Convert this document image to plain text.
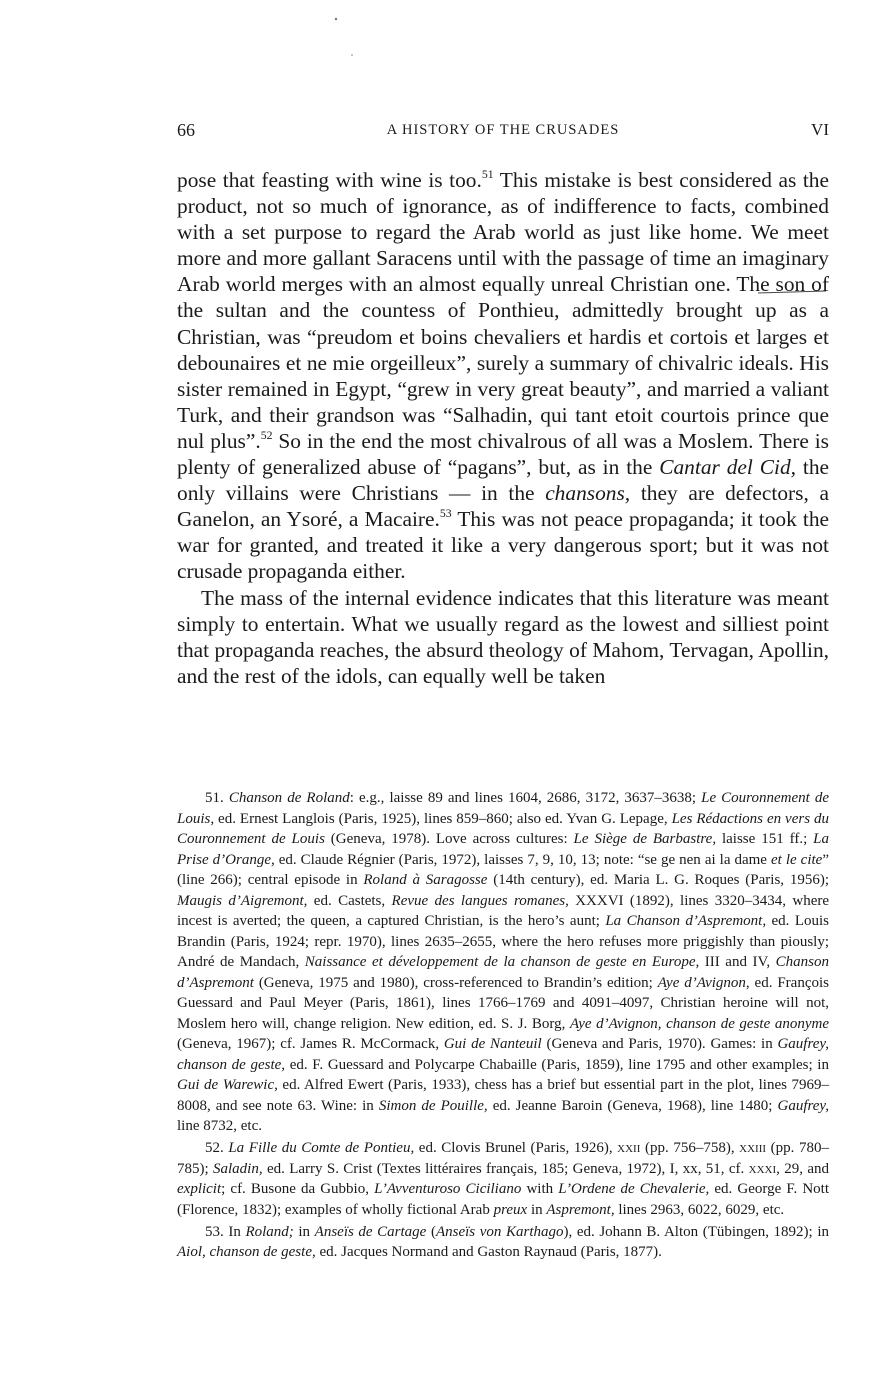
66	A HISTORY OF THE CRUSADES	VI

pose that feasting with wine is too.$^{51}$ This mistake is best considered as the product, not so much of ignorance, as of indifference to facts, combined with a set purpose to regard the Arab world as just like home. We meet more and more gallant Saracens until with the passage of time an imaginary Arab world merges with an almost equally unreal Christian one. The son of the sultan and the countess of Ponthieu, admittedly brought up as a Christian, was “preudom et boins chevaliers et hardis et cortois et larges et debounaires et ne mie orgeilleux”, surely a summary of chivalric ideals. His sister remained in Egypt, “grew in very great beauty”, and married a valiant Turk, and their grandson was “Salhadin, qui tant etoit courtois prince que nul plus”.$^{52}$ So in the end the most chivalrous of all was a Moslem. There is plenty of generalized abuse of “pagans”, but, as in the Cantar del Cid, the only villains were Christians — in the chansons, they are defectors, a Ganelon, an Ysoré, a Macaire.$^{53}$ This was not peace propaganda; it took the war for granted, and treated it like a very dangerous sport; but it was not crusade propaganda either.

The mass of the internal evidence indicates that this literature was meant simply to entertain. What we usually regard as the lowest and silliest point that propaganda reaches, the absurd theology of Mahom, Tervagan, Apollin, and the rest of the idols, can equally well be taken

51. Chanson de Roland: e.g., laisse 89 and lines 1604, 2686, 3172, 3637–3638; Le Couronnement de Louis, ed. Ernest Langlois (Paris, 1925), lines 859–860; also ed. Yvan G. Lepage, Les Rédactions en vers du Couronnement de Louis (Geneva, 1978). Love across cultures: Le Siège de Barbastre, laisse 151 ff.; La Prise d’Orange, ed. Claude Régnier (Paris, 1972), laisses 7, 9, 10, 13; note: “se ge nen ai la dame et le cite” (line 266); central episode in Roland à Saragosse (14th century), ed. Maria L. G. Roques (Paris, 1956); Maugis d’Aigremont, ed. Castets, Revue des langues romanes, XXXVI (1892), lines 3320–3434, where incest is averted; the queen, a captured Christian, is the hero’s aunt; La Chanson d’Aspremont, ed. Louis Brandin (Paris, 1924; repr. 1970), lines 2635–2655, where the hero refuses more priggishly than piously; André de Mandach, Naissance et développement de la chanson de geste en Europe, III and IV, Chanson d’Aspremont (Geneva, 1975 and 1980), cross-referenced to Brandin’s edition; Aye d’Avignon, ed. François Guessard and Paul Meyer (Paris, 1861), lines 1766–1769 and 4091–4097, Christian heroine will not, Moslem hero will, change religion. New edition, ed. S. J. Borg, Aye d’Avignon, chanson de geste anonyme (Geneva, 1967); cf. James R. McCormack, Gui de Nanteuil (Geneva and Paris, 1970). Games: in Gaufrey, chanson de geste, ed. F. Guessard and Polycarpe Chabaille (Paris, 1859), line 1795 and other examples; in Gui de Warewic, ed. Alfred Ewert (Paris, 1933), chess has a brief but essential part in the plot, lines 7969–8008, and see note 63. Wine: in Simon de Pouille, ed. Jeanne Baroin (Geneva, 1968), line 1480; Gaufrey, line 8732, etc.

52. La Fille du Comte de Pontieu, ed. Clovis Brunel (Paris, 1926), xxii (pp. 756–758), xxiii (pp. 780–785); Saladin, ed. Larry S. Crist (Textes littéraires français, 185; Geneva, 1972), I, xx, 51, cf. xxxi, 29, and explicit; cf. Busone da Gubbio, L’Avventuroso Ciciliano with L’Ordene de Chevalerie, ed. George F. Nott (Florence, 1832); examples of wholly fictional Arab preux in Aspremont, lines 2963, 6022, 6029, etc.

53. In Roland; in Anseïs de Cartage (Anseïs von Karthago), ed. Johann B. Alton (Tübingen, 1892); in Aiol, chanson de geste, ed. Jacques Normand and Gaston Raynaud (Paris, 1877).
